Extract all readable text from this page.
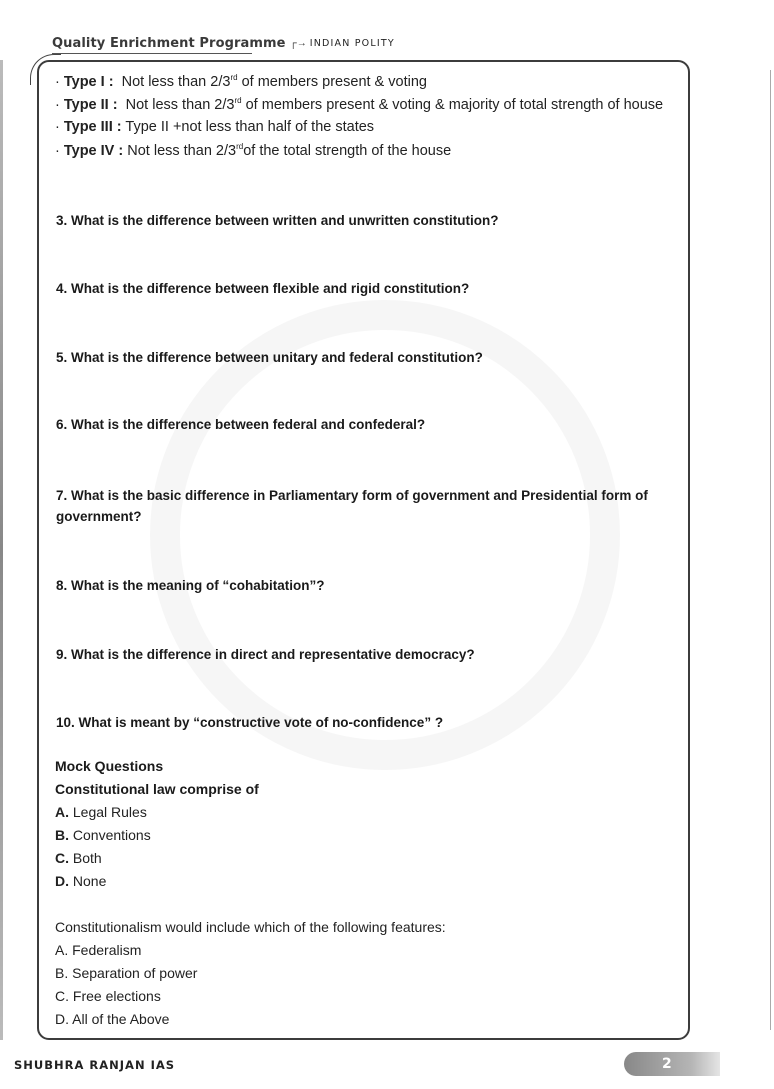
Quality Enrichment Programme ┌→ INDIAN POLITY
· Type I : Not less than 2/3rd of members present & voting
· Type II : Not less than 2/3rd of members present & voting & majority of total strength of house
· Type III : Type II +not less than half of the states
· Type IV : Not less than 2/3rdof the total strength of the house
3. What is the difference between written and unwritten constitution?
4. What is the difference between flexible and rigid constitution?
5. What is the difference between unitary and federal constitution?
6. What is the difference between federal and confederal?
7. What is the basic difference in Parliamentary form of government and Presidential form of government?
8. What is the meaning of “cohabitation”?
9. What is the difference in direct and representative democracy?
10. What is meant by “constructive vote of no-confidence” ?
Mock Questions
Constitutional law comprise of
A. Legal Rules
B. Conventions
C. Both
D. None
Constitutionalism would include which of the following features:
A. Federalism
B. Separation of power
C. Free elections
D. All of the Above
SHUBHRA RANJAN IAS	2
